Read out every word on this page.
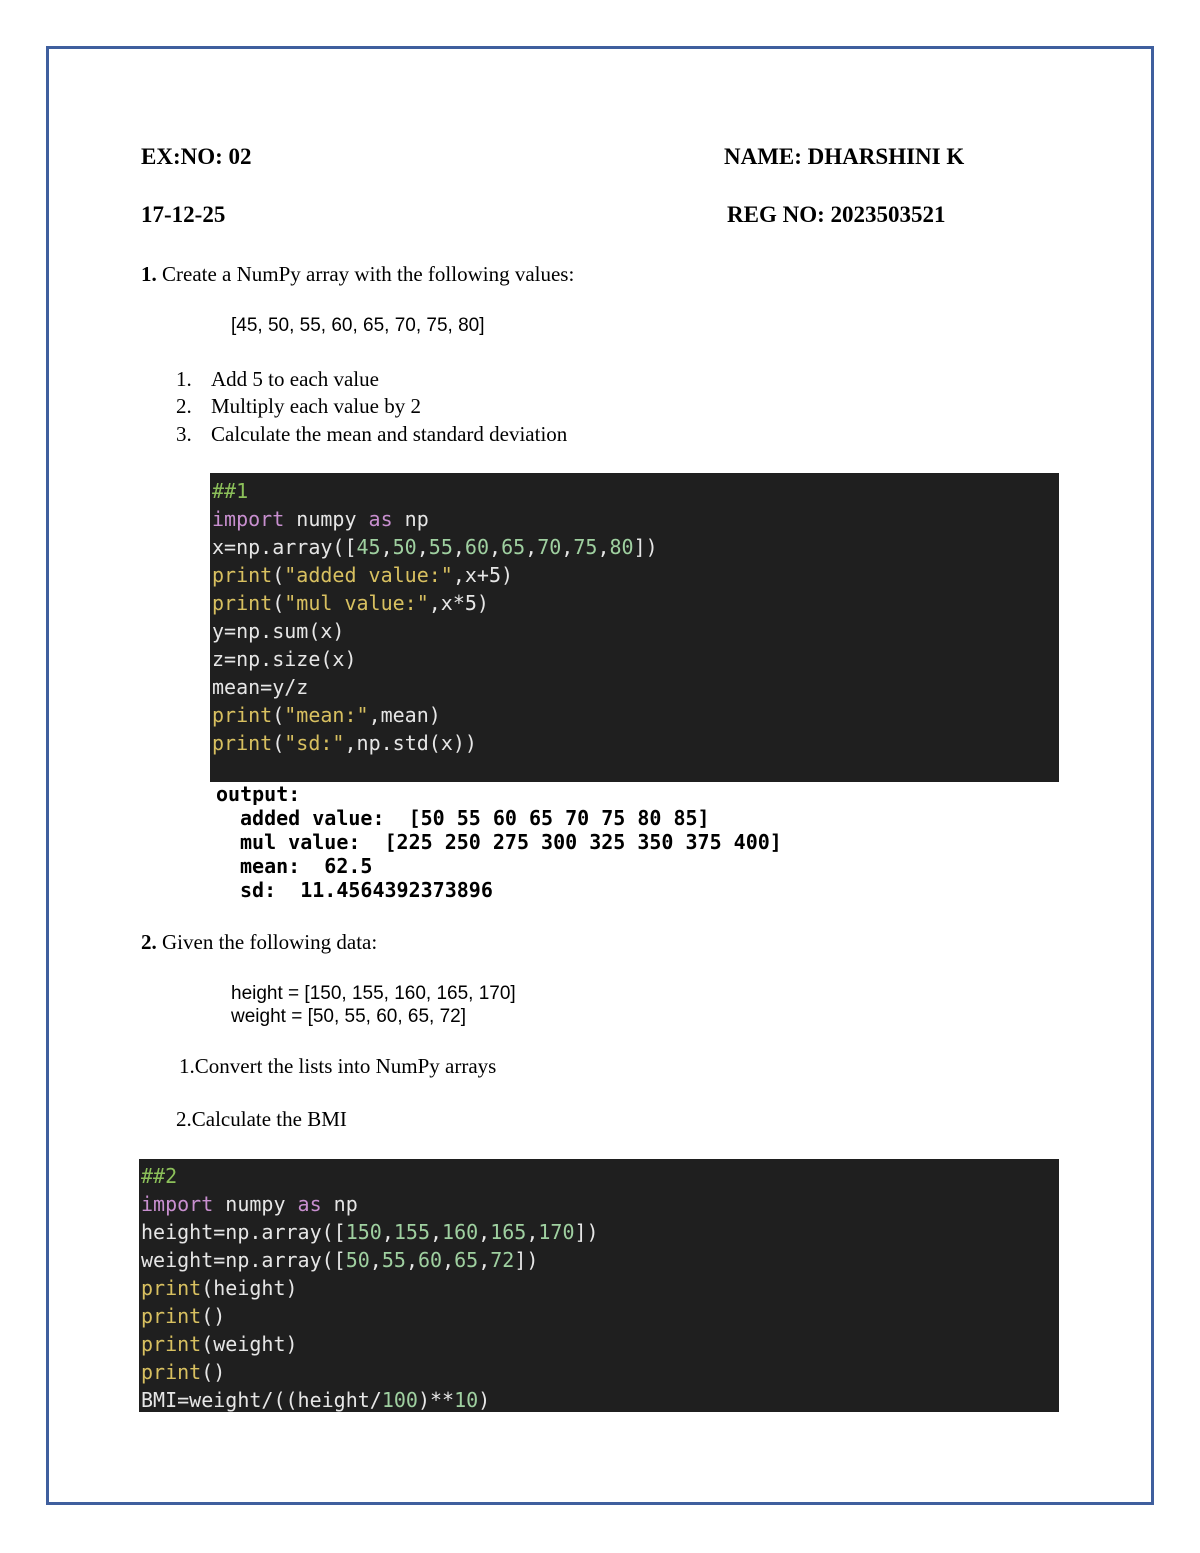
EX:NO: 02	NAME: DHARSHINI K
17-12-25	REG NO: 2023503521
1. Create a NumPy array with the following values:
[45, 50, 55, 60, 65, 70, 75, 80]
1. Add 5 to each value
2. Multiply each value by 2
3. Calculate the mean and standard deviation
##1
import numpy as np
x=np.array([45,50,55,60,65,70,75,80])
print("added value:",x+5)
print("mul value:",x*5)
y=np.sum(x)
z=np.size(x)
mean=y/z
print("mean:",mean)
print("sd:",np.std(x))
output:
added value:  [50 55 60 65 70 75 80 85]
mul value:  [225 250 275 300 325 350 375 400]
mean:  62.5
sd:  11.4564392373896
2. Given the following data:
height = [150, 155, 160, 165, 170]
weight = [50, 55, 60, 65, 72]
1.Convert the lists into NumPy arrays
2.Calculate the BMI
##2
import numpy as np
height=np.array([150,155,160,165,170])
weight=np.array([50,55,60,65,72])
print(height)
print()
print(weight)
print()
BMI=weight/((height/100)**10)
